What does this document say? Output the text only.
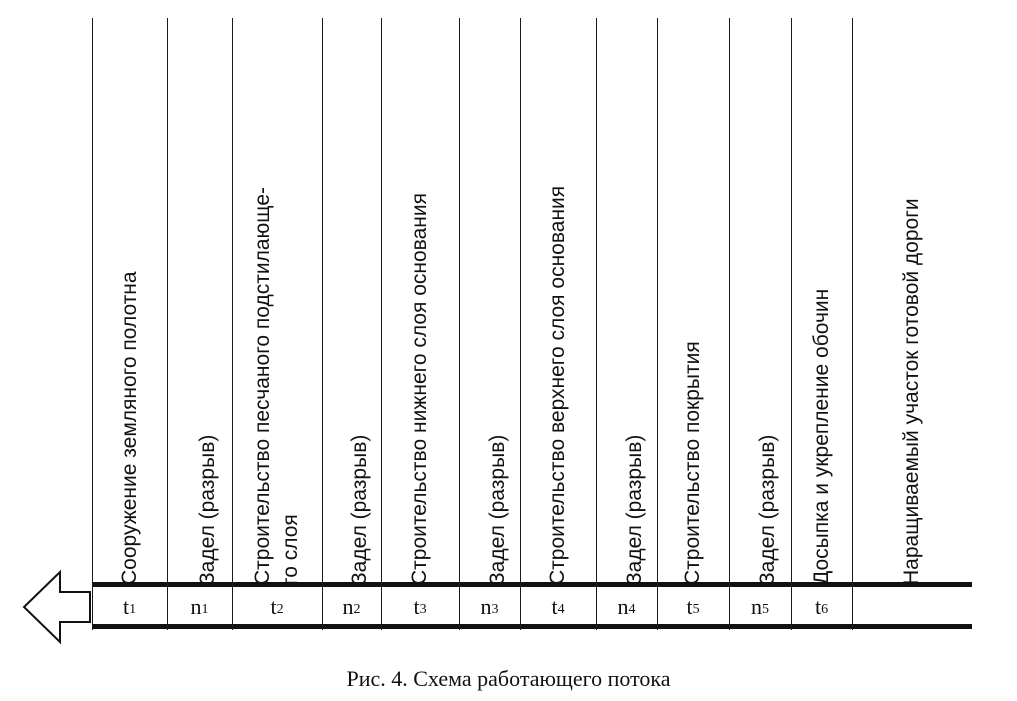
Сооружение земляного полотна
$t_1$
Задел (разрыв)
$n_1$
Строительство песчаного подстилающе- го слоя
$t_2$
Задел (разрыв)
$n_2$
Строительство нижнего слоя основания
$t_3$
Задел (разрыв)
$n_3$
Строительство верхнего слоя основания
$t_4$
Задел (разрыв)
$n_4$
Строительство покрытия
$t_5$
Задел (разрыв)
$n_5$
Досыпка и укрепление обочин
$t_6$
Наращиваемый участок готовой дороги
Рис. 4. Схема работающего потока
